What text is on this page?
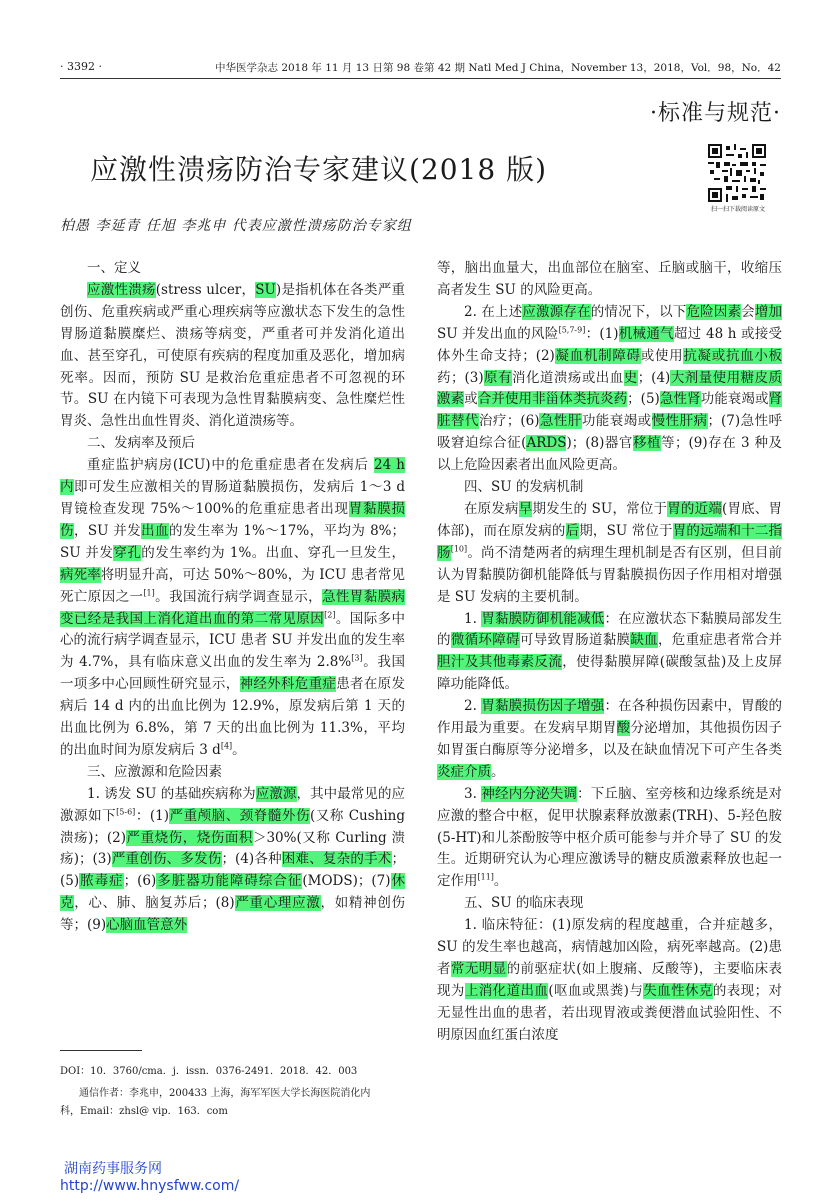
· 3392 ·	中华医学杂志 2018 年 11 月 13 日第 98 卷第 42 期 Natl Med J China，November 13，2018，Vol．98，No．42
·标准与规范·
应激性溃疡防治专家建议(2018 版)
扫一扫下载阅读原文
柏愚 李延青 任旭 李兆申 代表应激性溃疡防治专家组
一、定义

应激性溃疡(stress ulcer，SU)是指机体在各类严重创伤、危重疾病或严重心理疾病等应激状态下发生的急性胃肠道黏膜糜烂、溃疡等病变，严重者可并发消化道出血、甚至穿孔，可使原有疾病的程度加重及恶化，增加病死率。因而，预防 SU 是救治危重症患者不可忽视的环节。SU 在内镜下可表现为急性胃黏膜病变、急性糜烂性胃炎、急性出血性胃炎、消化道溃疡等。

二、发病率及预后

重症监护病房(ICU)中的危重症患者在发病后 24 h 内即可发生应激相关的胃肠道黏膜损伤，发病后 1～3 d 胃镜检查发现 75%～100%的危重症患者出现胃黏膜损伤，SU 并发出血的发生率为 1%～17%，平均为 8%；SU 并发穿孔的发生率约为 1%。出血、穿孔一旦发生，病死率将明显升高，可达 50%～80%，为 ICU 患者常见死亡原因之一[1]。我国流行病学调查显示，急性胃黏膜病变已经是我国上消化道出血的第二常见原因[2]。国际多中心的流行病学调查显示，ICU 患者 SU 并发出血的发生率为 4.7%，具有临床意义出血的发生率为 2.8%[3]。我国一项多中心回顾性研究显示，神经外科危重症患者在原发病后 14 d 内的出血比例为 12.9%，原发病后第 1 天的出血比例为 6.8%，第 7 天的出血比例为 11.3%，平均的出血时间为原发病后 3 d[4]。

三、应激源和危险因素

1. 诱发 SU 的基础疾病称为应激源，其中最常见的应激源如下[5-6]：(1)严重颅脑、颈脊髓外伤(又称 Cushing 溃疡)；(2)严重烧伤，烧伤面积＞30%(又称 Curling 溃疡)；(3)严重创伤、多发伤；(4)各种困难、复杂的手术；(5)脓毒症；(6)多脏器功能障碍综合征(MODS)；(7)休克，心、肺、脑复苏后；(8)严重心理应激，如精神创伤等；(9)心脑血管意外

等，脑出血量大，出血部位在脑室、丘脑或脑干，收缩压高者发生 SU 的风险更高。

2. 在上述应激源存在的情况下，以下危险因素会增加 SU 并发出血的风险[5,7-9]：(1)机械通气超过 48 h 或接受体外生命支持；(2)凝血机制障碍或使用抗凝或抗血小板药；(3)原有消化道溃疡或出血史；(4)大剂量使用糖皮质激素或合并使用非甾体类抗炎药；(5)急性肾功能衰竭或肾脏替代治疗；(6)急性肝功能衰竭或慢性肝病；(7)急性呼吸窘迫综合征(ARDS)；(8)器官移植等；(9)存在 3 种及以上危险因素者出血风险更高。

四、SU 的发病机制

在原发病早期发生的 SU，常位于胃的近端(胃底、胃体部)，而在原发病的后期，SU 常位于胃的远端和十二指肠[10]。尚不清楚两者的病理生理机制是否有区别，但目前认为胃黏膜防御机能降低与胃黏膜损伤因子作用相对增强是 SU 发病的主要机制。

1. 胃黏膜防御机能减低：在应激状态下黏膜局部发生的微循环障碍可导致胃肠道黏膜缺血，危重症患者常合并胆汁及其他毒素反流，使得黏膜屏障(碳酸氢盐)及上皮屏障功能降低。

2. 胃黏膜损伤因子增强：在各种损伤因素中，胃酸的作用最为重要。在发病早期胃酸分泌增加，其他损伤因子如胃蛋白酶原等分泌增多，以及在缺血情况下可产生各类炎症介质。

3. 神经内分泌失调：下丘脑、室旁核和边缘系统是对应激的整合中枢，促甲状腺素释放激素(TRH)、5-羟色胺(5-HT)和儿茶酚胺等中枢介质可能参与并介导了 SU 的发生。近期研究认为心理应激诱导的糖皮质激素释放也起一定作用[11]。

五、SU 的临床表现

1. 临床特征：(1)原发病的程度越重，合并症越多，SU 的发生率也越高，病情越加凶险，病死率越高。(2)患者常无明显的前驱症状(如上腹痛、反酸等)，主要临床表现为上消化道出血(呕血或黑粪)与失血性休克的表现；对无显性出血的患者，若出现胃液或粪便潜血试验阳性、不明原因血红蛋白浓度

DOI：10．3760/cma．j．issn．0376-2491．2018．42．003
通信作者：李兆申，200433 上海，海军军医大学长海医院消化内
科，Email：zhsl@ vip．163．com
湖南药事服务网
http://www.hnysfww.com/
